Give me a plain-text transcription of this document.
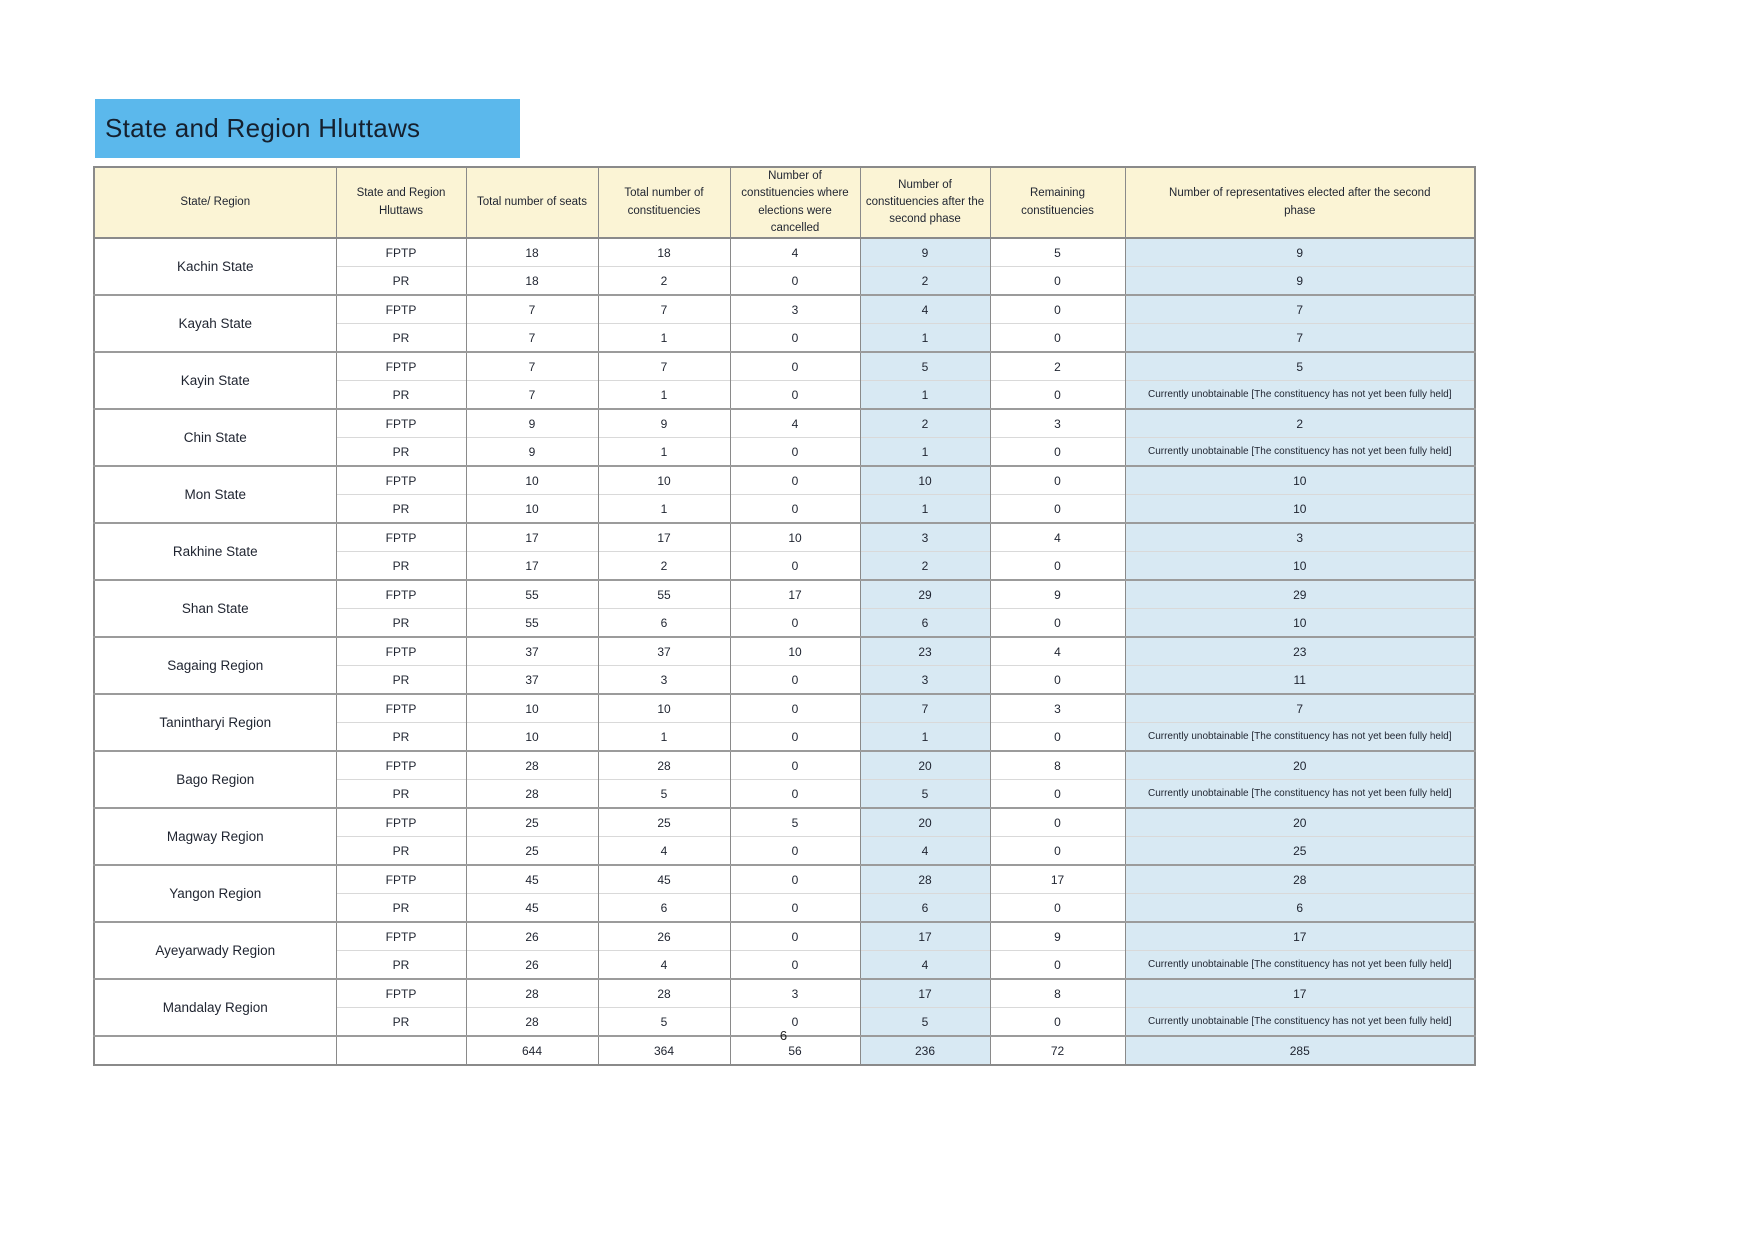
State and Region Hluttaws
State/ Region	State and Region Hluttaws	Total number of seats	Total number of constituencies	Number of constituencies where elections were cancelled	Number of constituencies after the second phase	Remaining constituencies	Number of representatives elected after the second phase

Kachin State	FPTP	18	18	4	9	5	9
	PR	18	2	0	2	0	9
Kayah State	FPTP	7	7	3	4	0	7
	PR	7	1	0	1	0	7
Kayin State	FPTP	7	7	0	5	2	5
	PR	7	1	0	1	0	Currently unobtainable [The constituency has not yet been fully held]
Chin State	FPTP	9	9	4	2	3	2
	PR	9	1	0	1	0	Currently unobtainable [The constituency has not yet been fully held]
Mon State	FPTP	10	10	0	10	0	10
	PR	10	1	0	1	0	10
Rakhine State	FPTP	17	17	10	3	4	3
	PR	17	2	0	2	0	10
Shan State	FPTP	55	55	17	29	9	29
	PR	55	6	0	6	0	10
Sagaing Region	FPTP	37	37	10	23	4	23
	PR	37	3	0	3	0	11
Tanintharyi Region	FPTP	10	10	0	7	3	7
	PR	10	1	0	1	0	Currently unobtainable [The constituency has not yet been fully held]
Bago Region	FPTP	28	28	0	20	8	20
	PR	28	5	0	5	0	Currently unobtainable [The constituency has not yet been fully held]
Magway Region	FPTP	25	25	5	20	0	20
	PR	25	4	0	4	0	25
Yangon Region	FPTP	45	45	0	28	17	28
	PR	45	6	0	6	0	6
Ayeyarwady Region	FPTP	26	26	0	17	9	17
	PR	26	4	0	4	0	Currently unobtainable [The constituency has not yet been fully held]
Mandalay Region	FPTP	28	28	3	17	8	17
	PR	28	5	0	5	0	Currently unobtainable [The constituency has not yet been fully held]
		644	364	56	236	72	285
6
